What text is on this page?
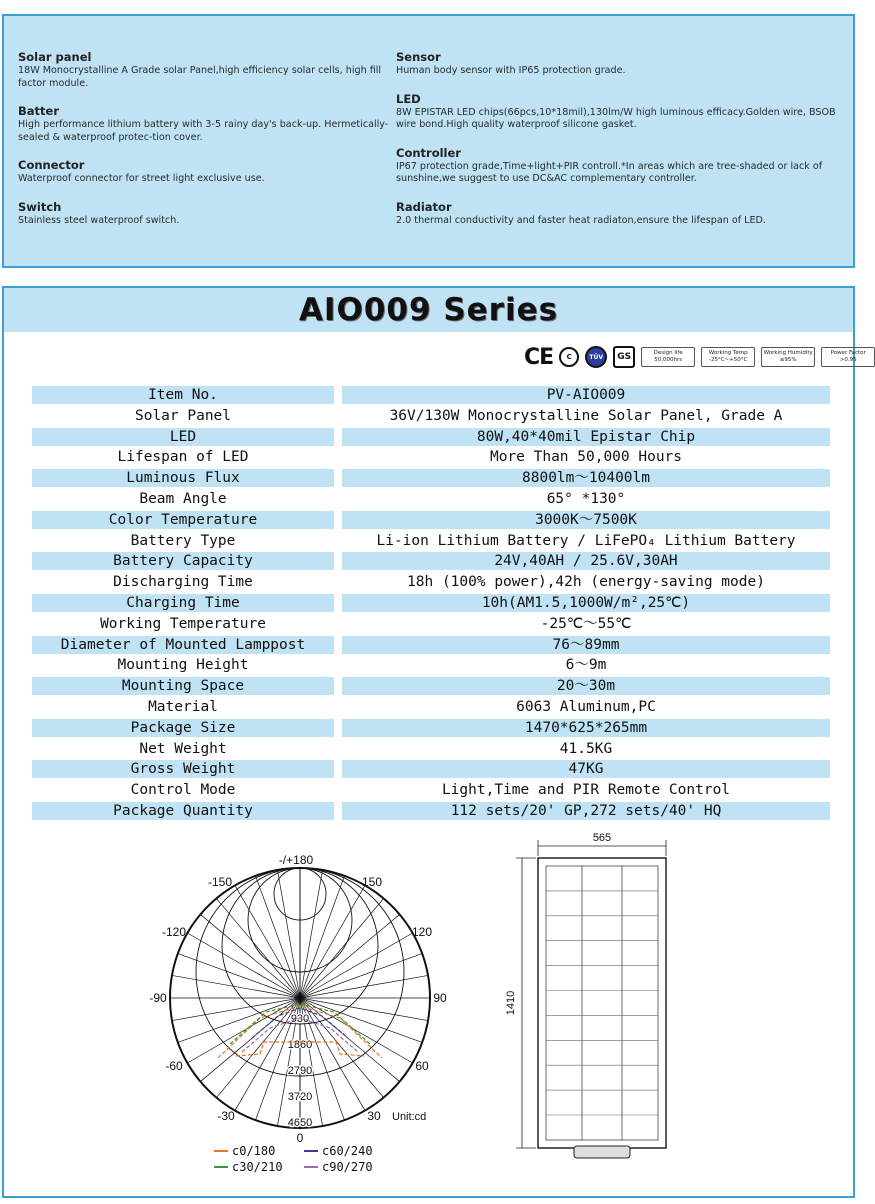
Solar panel
18W Monocrystalline A Grade solar Panel,high efficiency solar cells, high fill factor module.
Batter
High performance lithium battery with 3-5 rainy day's back-up. Hermetically-sealed & waterproof protec-tion cover.
Connector
Waterproof connector for street light exclusive use.
Switch
Stainless steel waterproof switch.
Sensor
Human body sensor with IP65 protection grade.
LED
8W EPISTAR LED chips(66pcs,10*18mil),130lm/W high luminous efficacy.Golden wire, BSOB wire bond.High quality waterproof silicone gasket.
Controller
IP67 protection grade,Time+light+PIR controll.*In areas which are tree-shaded or lack of sunshine,we suggest to use DC&AC complementary controller.
Radiator
2.0 thermal conductivity and faster heat radiaton,ensure the lifespan of LED.
AIO009 Series
CE	C	TÜV	GS	Design life
50,000hrs
Working Temp
-25°C~+50°C
Working Humidity
≤95%
Power Factor
>0.95
Item No.	PV-AIO009
Solar Panel	36V/130W Monocrystalline Solar Panel, Grade A
LED	80W,40*40mil Epistar Chip
Lifespan of LED	More Than 50,000 Hours
Luminous Flux	8800lm～10400lm
Beam Angle	65° *130°
Color Temperature	3000K～7500K
Battery Type	Li-ion Lithium Battery / LiFePO₄ Lithium Battery
Battery Capacity	24V,40AH / 25.6V,30AH
Discharging Time	18h (100% power),42h (energy-saving mode)
Charging Time	10h(AM1.5,1000W/m²,25℃)
Working Temperature	-25℃～55℃
Diameter of Mounted Lamppost	76～89mm
Mounting Height	6～9m
Mounting Space	20～30m
Material	6063 Aluminum,PC
Package Size	1470*625*265mm
Net Weight	41.5KG
Gross Weight	47KG
Control Mode	Light,Time and PIR Remote Control
Package Quantity	112 sets/20' GP,272 sets/40' HQ
-/+180
-150	150
-120	120
-90	90
-60	60
-30	30
0
930
1860
2790
3720
4650	Unit:cd
c0/180	c60/240
c30/210	c90/270
565
1410
